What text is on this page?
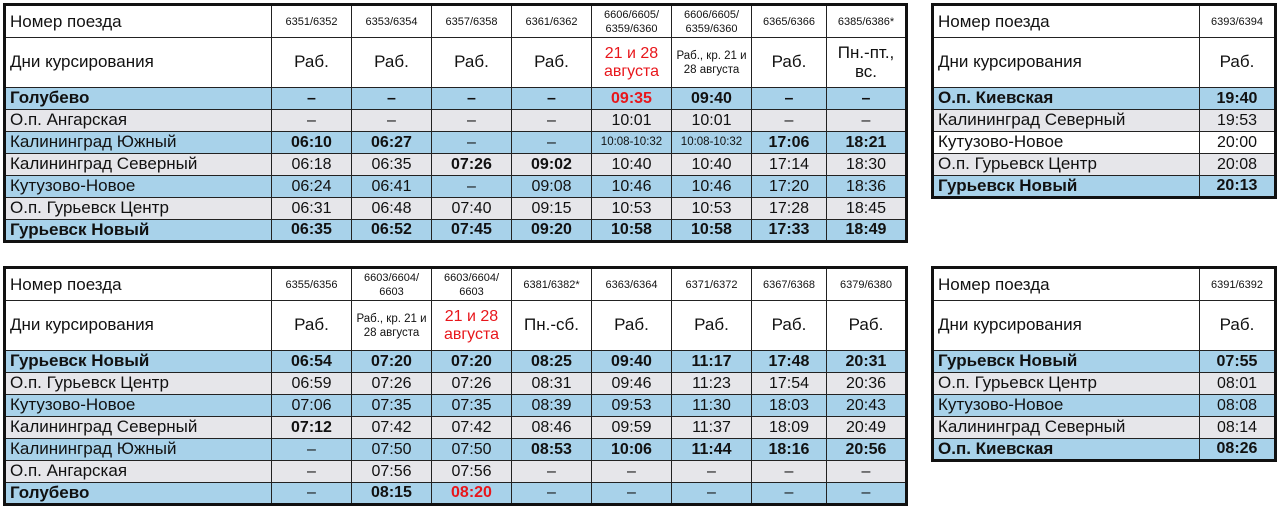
Номер поезда	6351/6352	6353/6354	6357/6358	6361/6362	6606/6605/ 6359/6360	6606/6605/ 6359/6360	6365/6366	6385/6386*
Дни курсирования	Раб.	Раб.	Раб.	Раб.	21 и 28 августа	Раб., кр. 21 и 28 августа	Раб.	Пн.-пт., вс.
Голубево	–	–	–	–	09:35	09:40	–	–
О.п. Ангарская	–	–	–	–	10:01	10:01	–	–
Калининград Южный	06:10	06:27	–	–	10:08-10:32	10:08-10:32	17:06	18:21
Калининград Северный	06:18	06:35	07:26	09:02	10:40	10:40	17:14	18:30
Кутузово-Новое	06:24	06:41	–	09:08	10:46	10:46	17:20	18:36
О.п. Гурьевск Центр	06:31	06:48	07:40	09:15	10:53	10:53	17:28	18:45
Гурьевск Новый	06:35	06:52	07:45	09:20	10:58	10:58	17:33	18:49
Номер поезда	6393/6394
Дни курсирования	Раб.
О.п. Киевская	19:40
Калининград Северный	19:53
Кутузово-Новое	20:00
О.п. Гурьевск Центр	20:08
Гурьевск Новый	20:13
Номер поезда	6355/6356	6603/6604/ 6603	6603/6604/ 6603	6381/6382*	6363/6364	6371/6372	6367/6368	6379/6380
Дни курсирования	Раб.	Раб., кр. 21 и 28 августа	21 и 28 августа	Пн.-сб.	Раб.	Раб.	Раб.	Раб.
Гурьевск Новый	06:54	07:20	07:20	08:25	09:40	11:17	17:48	20:31
О.п. Гурьевск Центр	06:59	07:26	07:26	08:31	09:46	11:23	17:54	20:36
Кутузово-Новое	07:06	07:35	07:35	08:39	09:53	11:30	18:03	20:43
Калининград Северный	07:12	07:42	07:42	08:46	09:59	11:37	18:09	20:49
Калининград Южный	–	07:50	07:50	08:53	10:06	11:44	18:16	20:56
О.п. Ангарская	–	07:56	07:56	–	–	–	–	–
Голубево	–	08:15	08:20	–	–	–	–	–
Номер поезда	6391/6392
Дни курсирования	Раб.
Гурьевск Новый	07:55
О.п. Гурьевск Центр	08:01
Кутузово-Новое	08:08
Калининград Северный	08:14
О.п. Киевская	08:26
